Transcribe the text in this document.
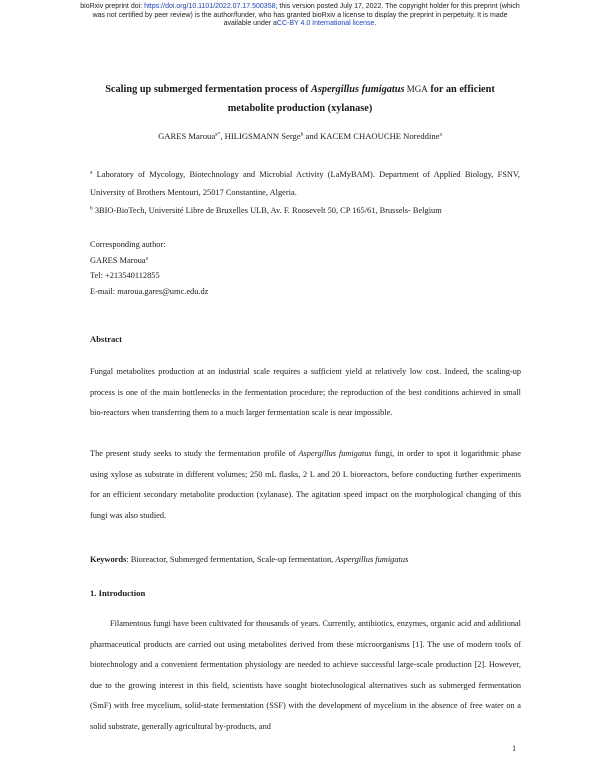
bioRxiv preprint doi: https://doi.org/10.1101/2022.07.17.500358; this version posted July 17, 2022. The copyright holder for this preprint (which
was not certified by peer review) is the author/funder, who has granted bioRxiv a license to display the preprint in perpetuity. It is made
available under aCC-BY 4.0 International license.
Scaling up submerged fermentation process of Aspergillus fumigatus MGA for an efficient metabolite production (xylanase)
GARES Maroua$^{a*}$, HILIGSMANN Serge$^b$ and KACEM CHAOUCHE Noreddine$^a$
$^a$ Laboratory of Mycology, Biotechnology and Microbial Activity (LaMyBAM). Department of Applied Biology, FSNV, University of Brothers Mentouri, 25017 Constantine, Algeria.
$^b$ 3BIO-BioTech, Université Libre de Bruxelles ULB, Av. F. Roosevelt 50, CP 165/61, Brussels- Belgium
Corresponding author:
GARES Maroua$^a$
Tel: +213540112855
E-mail: maroua.gares@umc.edu.dz
Abstract
Fungal metabolites production at an industrial scale requires a sufficient yield at relatively low cost. Indeed, the scaling-up process is one of the main bottlenecks in the fermentation procedure; the reproduction of the best conditions achieved in small bio-reactors when transferring them to a much larger fermentation scale is near impossible.
The present study seeks to study the fermentation profile of Aspergillus fumigatus fungi, in order to spot it logarithmic phase using xylose as substrate in different volumes; 250 mL flasks, 2 L and 20 L bioreactors, before conducting further experiments for an efficient secondary metabolite production (xylanase). The agitation speed impact on the morphological changing of this fungi was also studied.
Keywords: Bioreactor, Submerged fermentation, Scale-up fermentation, Aspergillus fumigatus
1. Introduction
Filamentous fungi have been cultivated for thousands of years. Currently, antibiotics, enzymes, organic acid and additional pharmaceutical products are carried out using metabolites derived from these microorganisms [1]. The use of modern tools of biotechnology and a convenient fermentation physiology are needed to achieve successful large-scale production [2]. However, due to the growing interest in this field, scientists have sought biotechnological alternatives such as submerged fermentation (SmF) with free mycelium, solid-state fermentation (SSF) with the development of mycelium in the absence of free water on a solid substrate, generally agricultural by-products, and
1
